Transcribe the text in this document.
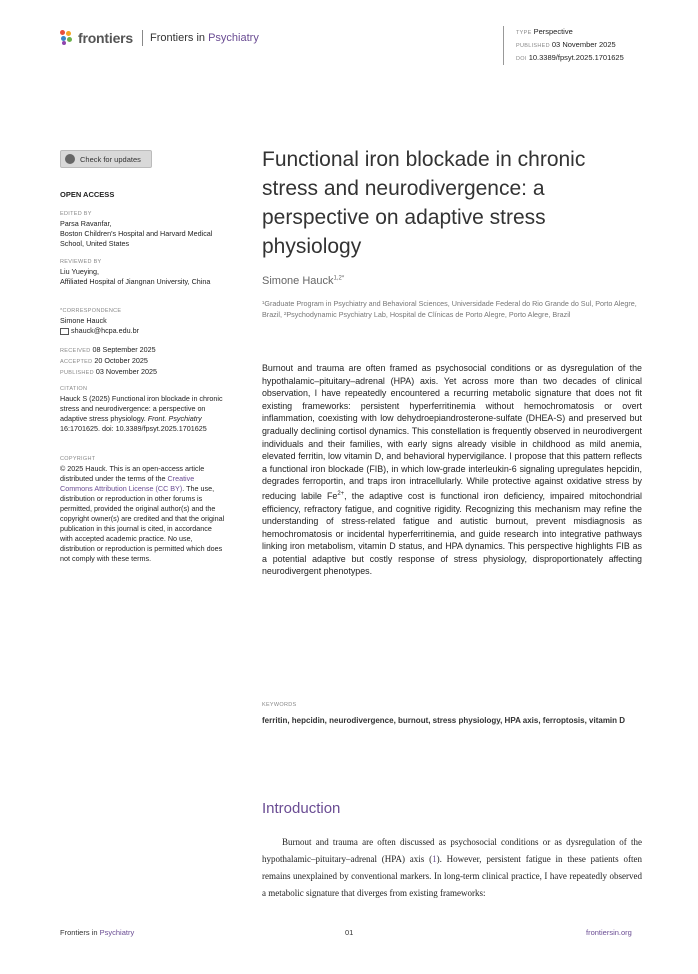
frontiers Frontiers in Psychiatry	TYPE Perspective
PUBLISHED 03 November 2025
DOI 10.3389/fpsyt.2025.1701625
Check for updates
OPEN ACCESS
EDITED BY
Parsa Ravanfar,
Boston Children's Hospital and Harvard Medical School, United States
REVIEWED BY
Liu Yueying,
Affiliated Hospital of Jiangnan University, China
*CORRESPONDENCE
Simone Hauck
shauck@hcpa.edu.br
RECEIVED 08 September 2025
ACCEPTED 20 October 2025
PUBLISHED 03 November 2025
CITATION
Hauck S (2025) Functional iron blockade in chronic stress and neurodivergence: a perspective on adaptive stress physiology. Front. Psychiatry 16:1701625. doi: 10.3389/fpsyt.2025.1701625
COPYRIGHT
© 2025 Hauck. This is an open-access article distributed under the terms of the Creative Commons Attribution License (CC BY). The use, distribution or reproduction in other forums is permitted, provided the original author(s) and the copyright owner(s) are credited and that the original publication in this journal is cited, in accordance with accepted academic practice. No use, distribution or reproduction is permitted which does not comply with these terms.
Functional iron blockade in chronic stress and neurodivergence: a perspective on adaptive stress physiology
Simone Hauck$^{1,2*}$
¹Graduate Program in Psychiatry and Behavioral Sciences, Universidade Federal do Rio Grande do Sul, Porto Alegre, Brazil, ²Psychodynamic Psychiatry Lab, Hospital de Clínicas de Porto Alegre, Porto Alegre, Brazil
Burnout and trauma are often framed as psychosocial conditions or as dysregulation of the hypothalamic–pituitary–adrenal (HPA) axis. Yet across more than two decades of clinical observation, I have repeatedly encountered a recurring metabolic signature that does not fit existing frameworks: persistent hyperferritinemia without hemochromatosis or overt inflammation, coexisting with low dehydroepiandrosterone-sulfate (DHEA-S) and preserved but gradually declining cortisol dynamics. This constellation is frequently observed in neurodivergent individuals and their families, with early signs already visible in childhood as mild anemia, elevated ferritin, low vitamin D, and behavioral hypervigilance. I propose that this pattern reflects a functional iron blockade (FIB), in which low-grade interleukin-6 signaling upregulates hepcidin, degrades ferroportin, and traps iron intracellularly. While protective against oxidative stress by reducing labile $Fe^{2+}$, the adaptive cost is functional iron deficiency, impaired mitochondrial efficiency, refractory fatigue, and cognitive rigidity. Recognizing this mechanism may refine the understanding of stress-related fatigue and autistic burnout, prevent misdiagnosis as hemochromatosis or incidental hyperferritinemia, and guide research into integrative pathways linking iron metabolism, vitamin D status, and HPA dynamics. This perspective highlights FIB as a potential adaptive but costly response of stress physiology, disproportionately affecting neurodivergent phenotypes.
KEYWORDS
ferritin, hepcidin, neurodivergence, burnout, stress physiology, HPA axis, ferroptosis, vitamin D
Introduction
Burnout and trauma are often discussed as psychosocial conditions or as dysregulation of the hypothalamic–pituitary–adrenal (HPA) axis (1). However, persistent fatigue in these patients often remains unexplained by conventional markers. In long-term clinical practice, I have repeatedly observed a metabolic signature that diverges from existing frameworks:
Frontiers in Psychiatry	01	frontiersin.org
